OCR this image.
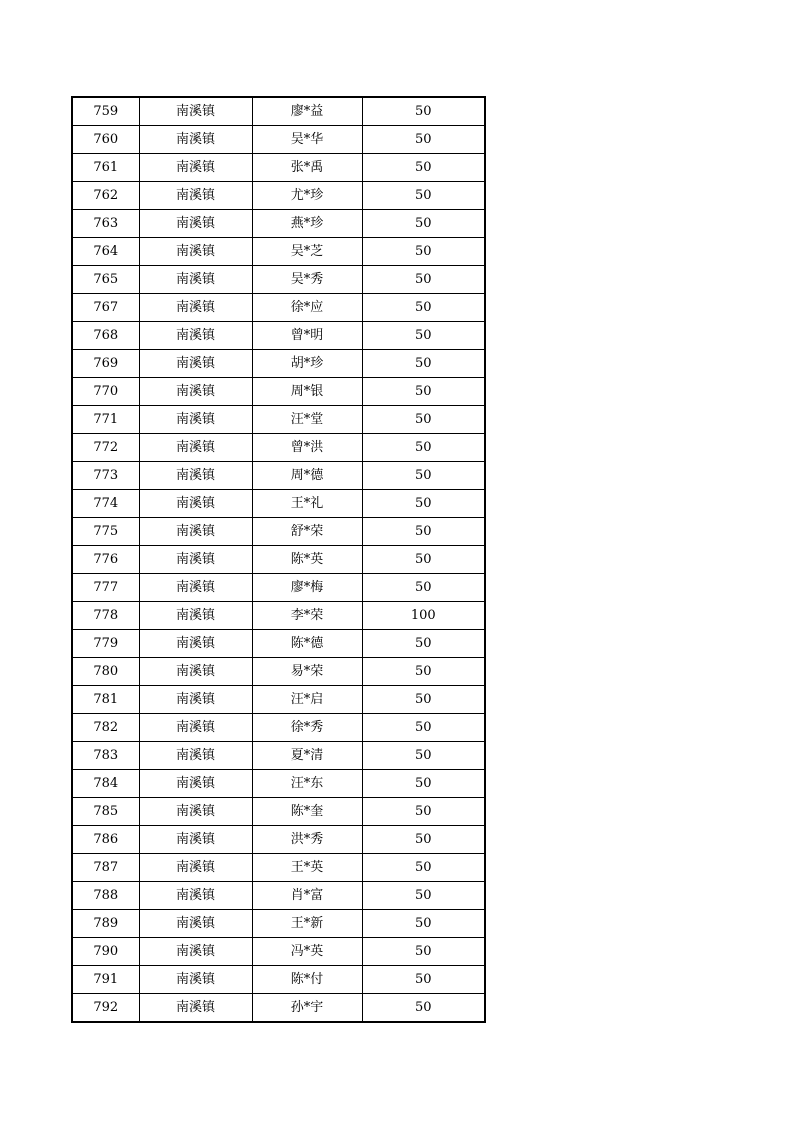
759	南溪镇	廖*益	50
760	南溪镇	吴*华	50
761	南溪镇	张*禹	50
762	南溪镇	尤*珍	50
763	南溪镇	燕*珍	50
764	南溪镇	吴*芝	50
765	南溪镇	吴*秀	50
767	南溪镇	徐*应	50
768	南溪镇	曾*明	50
769	南溪镇	胡*珍	50
770	南溪镇	周*银	50
771	南溪镇	汪*堂	50
772	南溪镇	曾*洪	50
773	南溪镇	周*德	50
774	南溪镇	王*礼	50
775	南溪镇	舒*荣	50
776	南溪镇	陈*英	50
777	南溪镇	廖*梅	50
778	南溪镇	李*荣	100
779	南溪镇	陈*德	50
780	南溪镇	易*荣	50
781	南溪镇	汪*启	50
782	南溪镇	徐*秀	50
783	南溪镇	夏*清	50
784	南溪镇	汪*东	50
785	南溪镇	陈*奎	50
786	南溪镇	洪*秀	50
787	南溪镇	王*英	50
788	南溪镇	肖*富	50
789	南溪镇	王*新	50
790	南溪镇	冯*英	50
791	南溪镇	陈*付	50
792	南溪镇	孙*宇	50
